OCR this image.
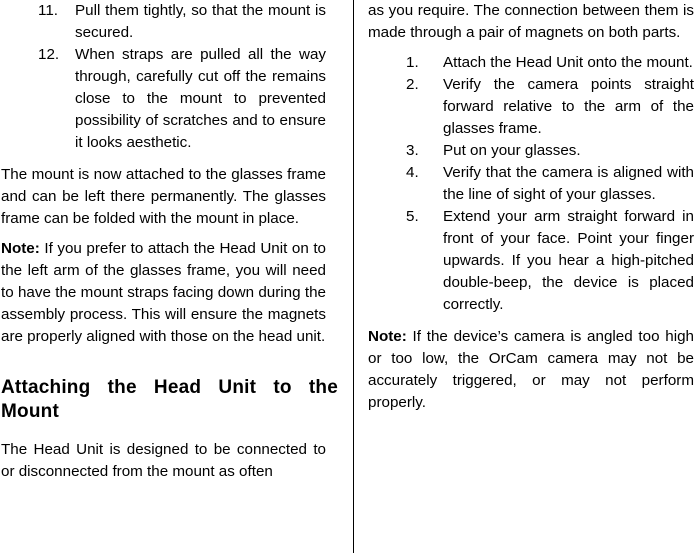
11. Pull them tightly, so that the mount is secured.
12. When straps are pulled all the way through, carefully cut off the remains close to the mount to prevented possibility of scratches and to ensure it looks aesthetic.

The mount is now attached to the glasses frame and can be left there permanently. The glasses frame can be folded with the mount in place.

Note: If you prefer to attach the Head Unit on to the left arm of the glasses frame, you will need to have the mount straps facing down during the assembly process. This will ensure the magnets are properly aligned with those on the head unit.

Attaching the Head Unit to the Mount

The Head Unit is designed to be connected to or disconnected from the mount as often

as you require. The connection between them is made through a pair of magnets on both parts.

1. Attach the Head Unit onto the mount.
2. Verify the camera points straight forward relative to the arm of the glasses frame.
3. Put on your glasses.
4. Verify that the camera is aligned with the line of sight of your glasses.
5. Extend your arm straight forward in front of your face. Point your finger upwards. If you hear a high-pitched double-beep, the device is placed correctly.

Note: If the device’s camera is angled too high or too low, the OrCam camera may not be accurately triggered, or may not perform properly.
